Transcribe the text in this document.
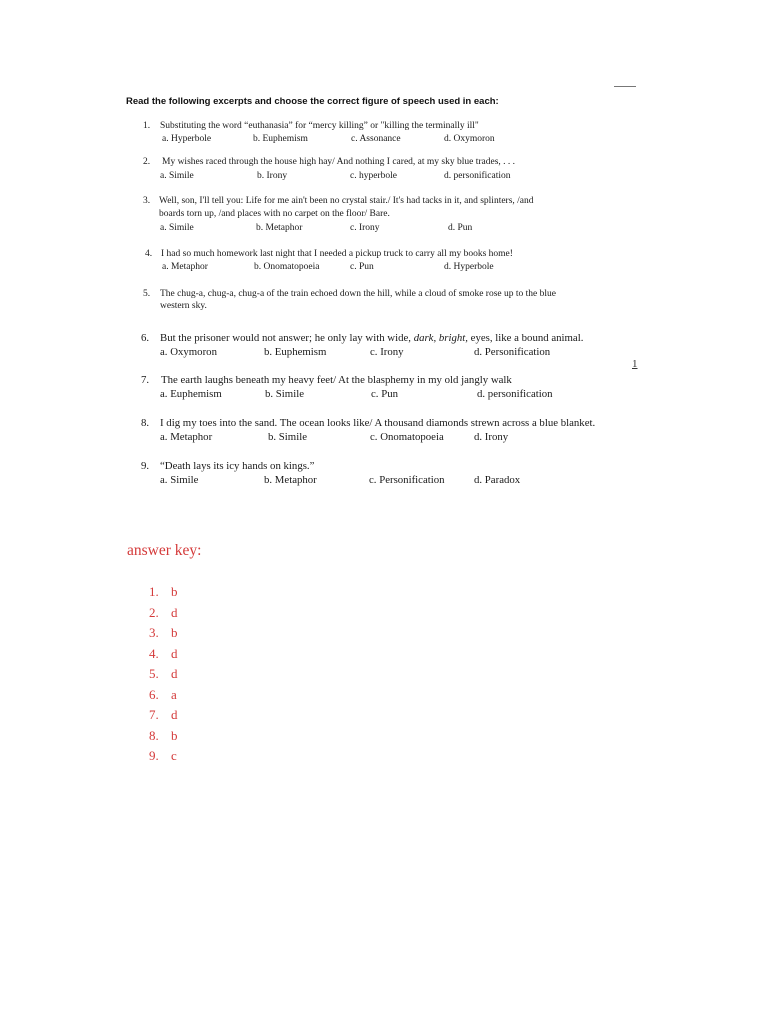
1

Read the following excerpts and choose the correct figure of speech used in each:

1. Substituting the word “euthanasia” for “mercy killing” or "killing the terminally ill"
a. Hyperbole	b. Euphemism	c. Assonance	d. Oxymoron
2. My wishes raced through the house high hay/ And nothing I cared, at my sky blue trades, . . .
a. Simile	b. Irony	c. hyperbole	d. personification
3. Well, son, I'll tell you: Life for me ain't been no crystal stair./ It's had tacks in it, and splinters, /and
boards torn up, /and places with no carpet on the floor/ Bare.
a. Simile	b. Metaphor	c. Irony	d. Pun
4. I had so much homework last night that I needed a pickup truck to carry all my books home!
a. Metaphor	b. Onomatopoeia	c. Pun	d. Hyperbole
5. The chug-a, chug-a, chug-a of the train echoed down the hill, while a cloud of smoke rose up to the blue
western sky.
6. But the prisoner would not answer; he only lay with wide, dark, bright, eyes, like a bound animal.
a. Oxymoron	b. Euphemism	c. Irony	d. Personification
7. The earth laughs beneath my heavy feet/ At the blasphemy in my old jangly walk
a. Euphemism	b. Simile	c. Pun	d. personification
8. I dig my toes into the sand. The ocean looks like/ A thousand diamonds strewn across a blue blanket.
a. Metaphor	b. Simile	c. Onomatopoeia	d. Irony
9. “Death lays its icy hands on kings.”
a. Simile	b. Metaphor	c. Personification	d. Paradox
answer key:
1. b
2. d
3. b
4. d
5. d
6. a
7. d
8. b
9. c
